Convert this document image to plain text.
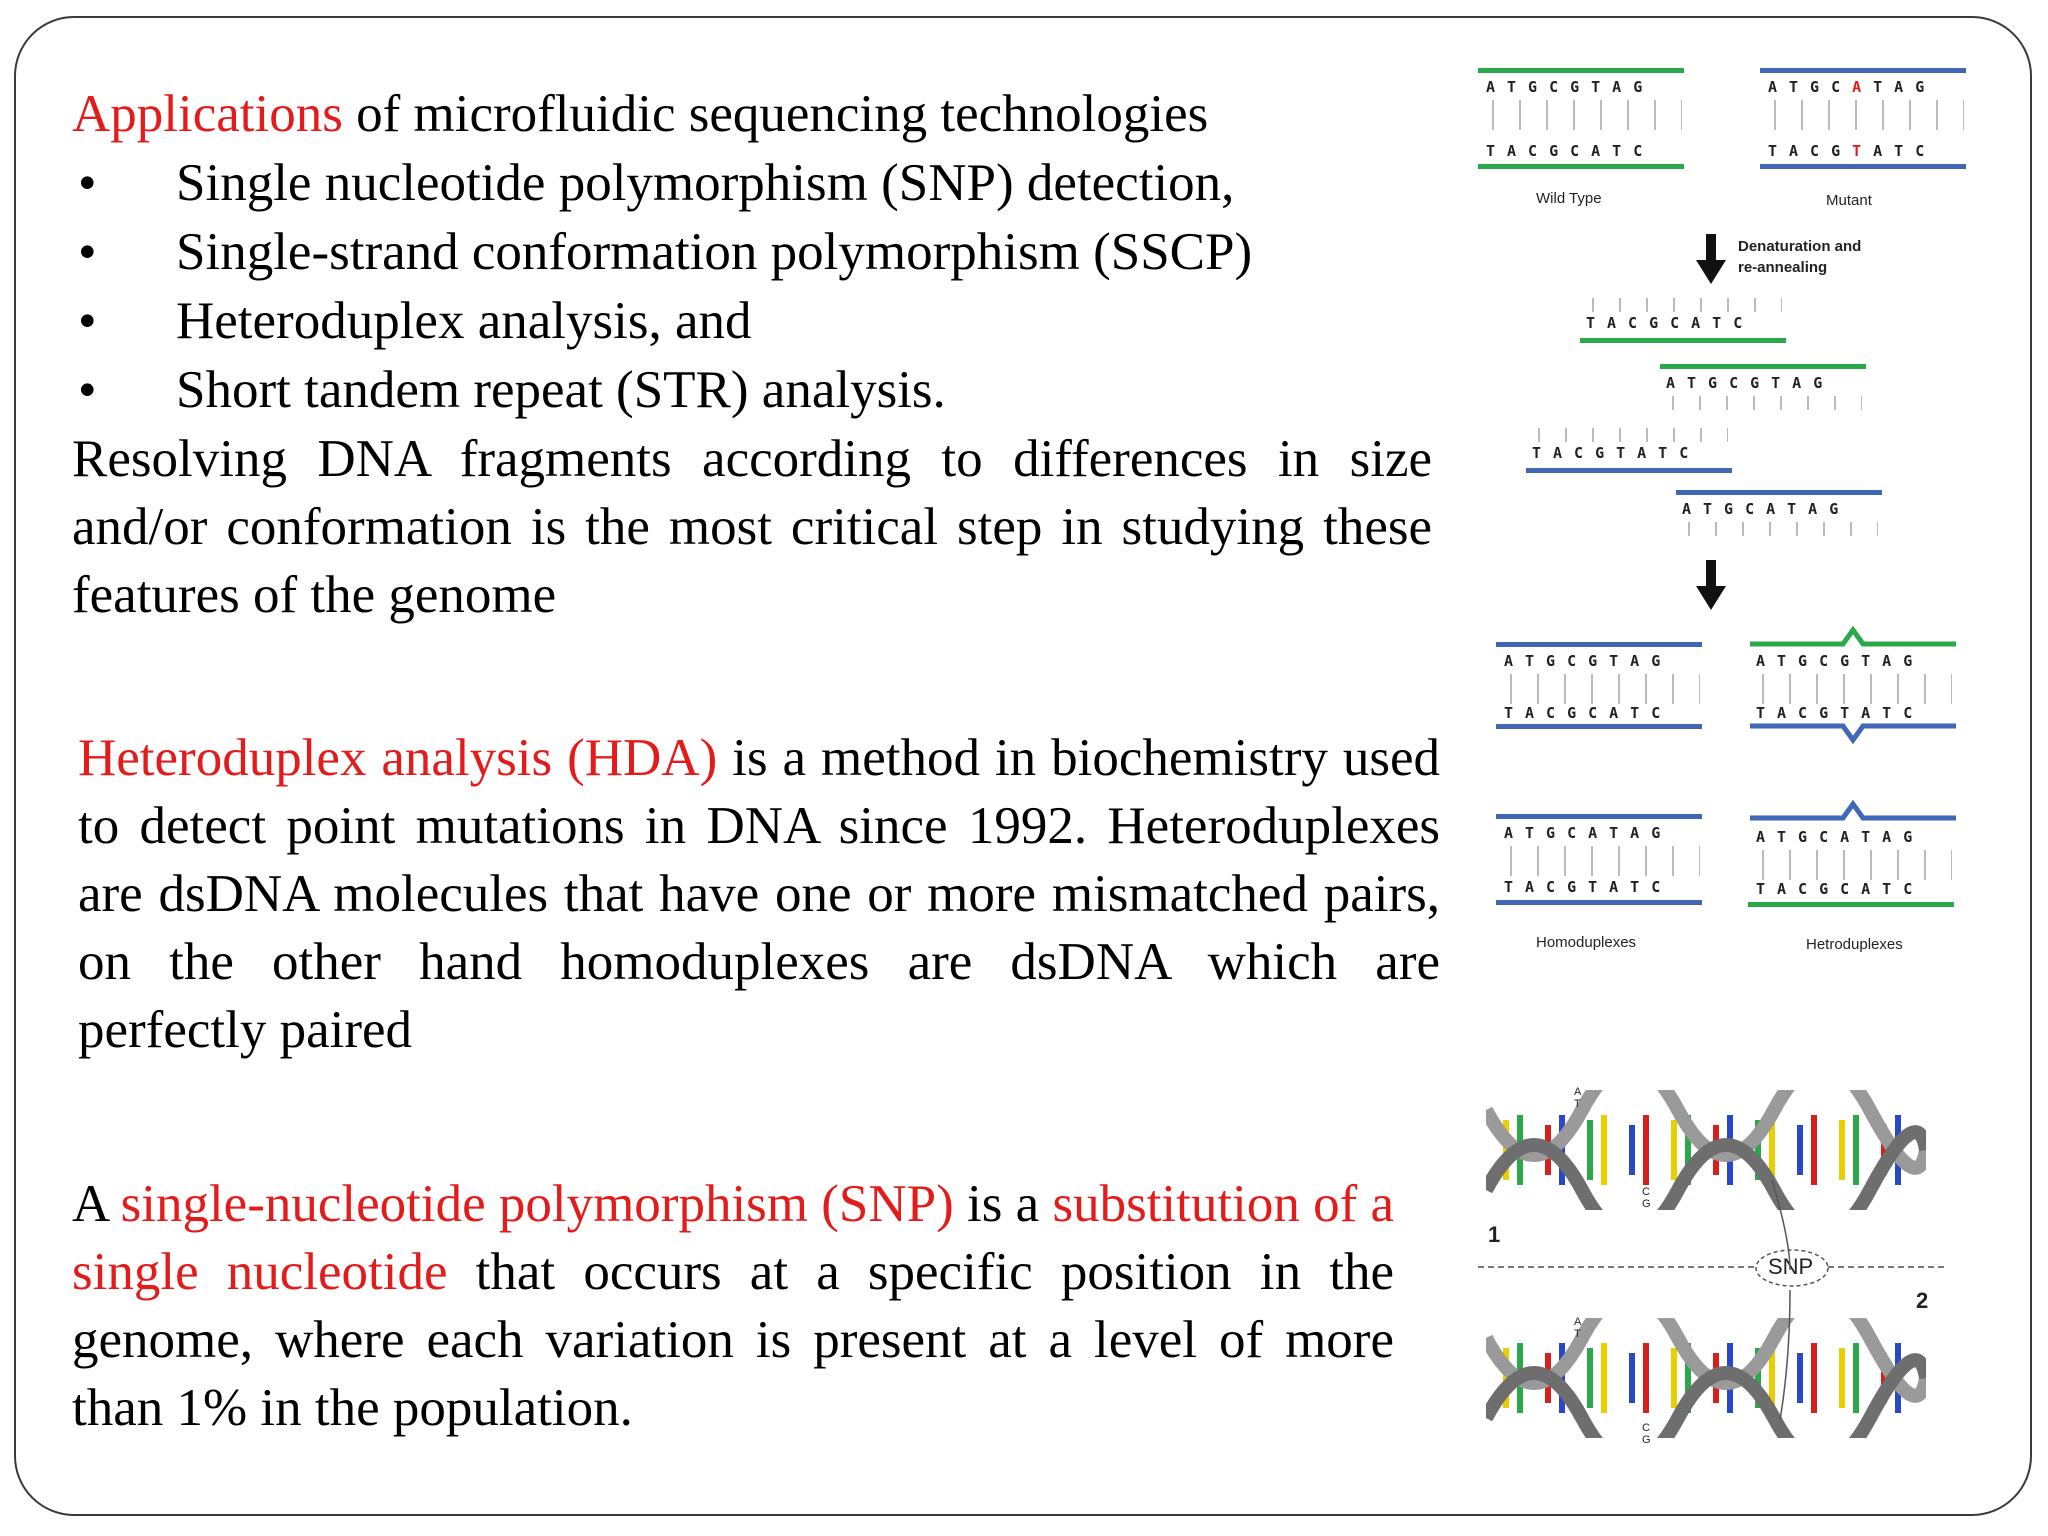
Applications of microfluidic sequencing technologies
•	Single nucleotide polymorphism (SNP) detection,
•	Single-strand conformation polymorphism (SSCP)
•	Heteroduplex analysis, and
•	Short tandem repeat (STR) analysis.
Resolving DNA fragments according to differences in size and/or conformation is the most critical step in studying these features of the genome
Heteroduplex analysis (HDA) is a method in biochemistry used to detect point mutations in DNA since 1992. Heteroduplexes are dsDNA molecules that have one or more mismatched pairs, on the other hand homoduplexes are dsDNA which are perfectly paired
A single-nucleotide polymorphism (SNP) is a substitution of a single nucleotide that occurs at a specific position in the genome, where each variation is present at a level of more than 1% in the population.
ATGCGTAG
TACGCATC
Wild Type
ATGCATAG
TACGTATC
Mutant
Denaturation and
re-annealing
TACGCATC
ATGCGTAG
TACGTATC
ATGCATAG
ATGCGTAG
TACGCATC
ATGCGTAG
TACGTATC
ATGCATAG
TACGTATC
Homoduplexes
ATGCATAG
TACGCATC
Hetroduplexes
A
T
C
G
1
SNP
2
A
T
C
G
